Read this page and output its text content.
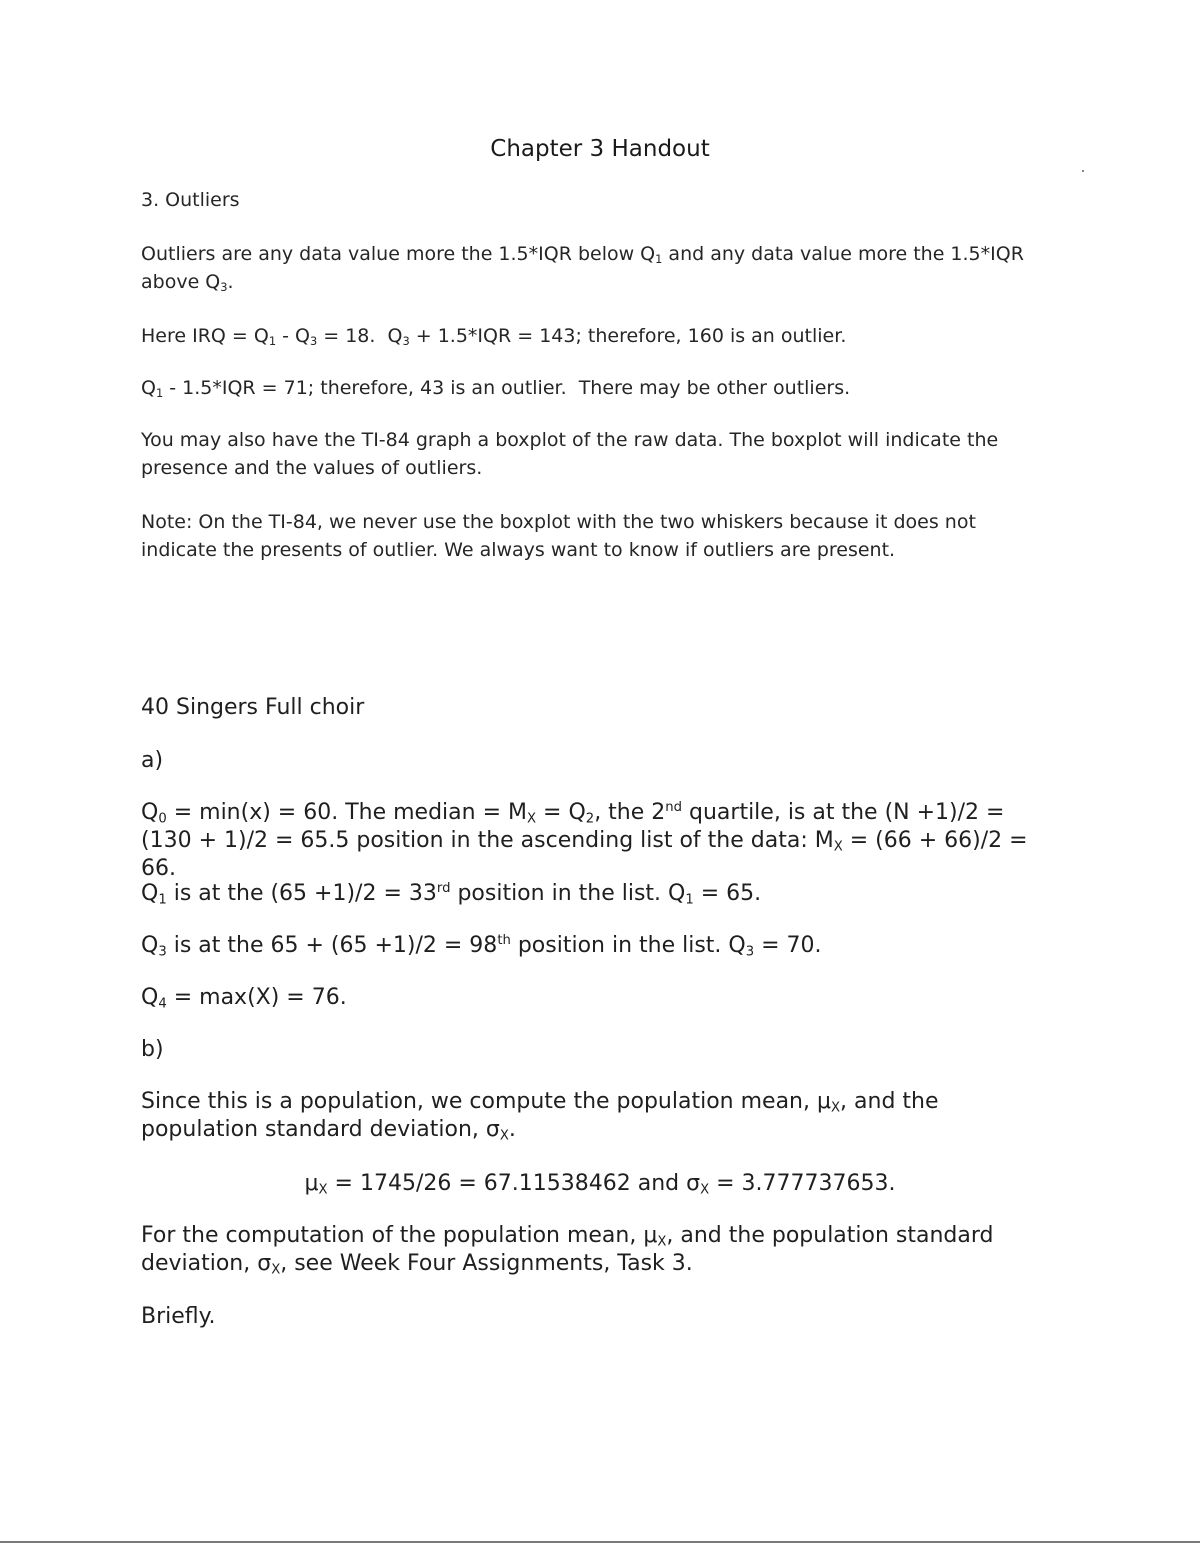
Chapter 3 Handout
3. Outliers
Outliers are any data value more the 1.5*IQR below $Q_1$ and any data value more the 1.5*IQR above $Q_3$.
Here IRQ = $Q_1 - Q_3 = 18$.  $Q_3 + 1.5*IQR = 143$; therefore, 160 is an outlier.
$Q_1 - 1.5*IQR = 71$; therefore, 43 is an outlier.  There may be other outliers.
You may also have the TI-84 graph a boxplot of the raw data. The boxplot will indicate the presence and the values of outliers.
Note: On the TI-84, we never use the boxplot with the two whiskers because it does not indicate the presents of outlier. We always want to know if outliers are present.
40 Singers Full choir
a)
$Q_0 = \min(x) = 60$. The median = $M_X = Q_2$, the 2nd quartile, is at the (N +1)/2 = (130 + 1)/2 = 65.5 position in the ascending list of the data: $M_X = (66 + 66)/2 = 66$.
$Q_1$ is at the (65 +1)/2 = 33rd position in the list. $Q_1 = 65$.
$Q_3$ is at the 65 + (65 +1)/2 = 98th position in the list. $Q_3 = 70$.
$Q_4 = \max(X) = 76$.
b)
Since this is a population, we compute the population mean, $\mu_X$, and the population standard deviation, $\sigma_X$.
$\mu_X = 1745/26 = 67.11538462$ and $\sigma_X = 3.777737653$.
For the computation of the population mean, $\mu_X$, and the population standard deviation, $\sigma_X$, see Week Four Assignments, Task 3.
Briefly.
